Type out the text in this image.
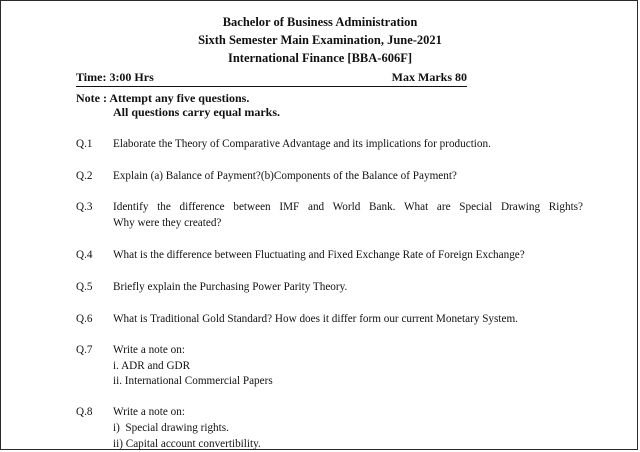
Bachelor of Business Administration
Sixth Semester Main Examination, June-2021
International Finance [BBA-606F]
Time: 3:00 Hrs	Max Marks 80
Note : Attempt any five questions.
All questions carry equal marks.
Q.1 Elaborate the Theory of Comparative Advantage and its implications for production.
Q.2 Explain (a) Balance of Payment?(b)Components of the Balance of Payment?
Q.3 Identify the difference between IMF and World Bank. What are Special Drawing Rights?
Why were they created?
Q.4 What is the difference between Fluctuating and Fixed Exchange Rate of Foreign Exchange?
Q.5 Briefly explain the Purchasing Power Parity Theory.
Q.6 What is Traditional Gold Standard? How does it differ form our current Monetary System.
Q.7 Write a note on:
i. ADR and GDR
ii. International Commercial Papers
Q.8 Write a note on:
i)  Special drawing rights.
ii) Capital account convertibility.
